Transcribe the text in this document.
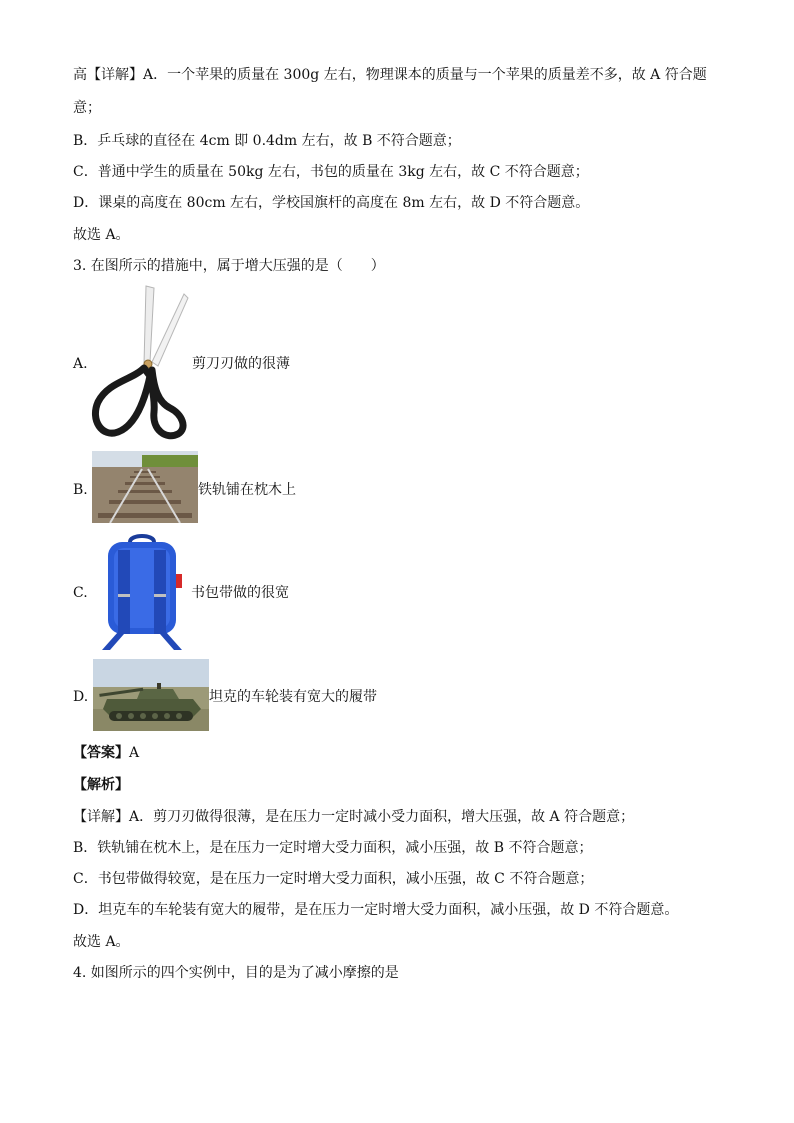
高【详解】A．一个苹果的质量在 300g 左右，物理课本的质量与一个苹果的质量差不多，故 A 符合题
意；
B．乒乓球的直径在 4cm 即 0.4dm 左右，故 B 不符合题意；
C．普通中学生的质量在 50kg 左右，书包的质量在 3kg 左右，故 C 不符合题意；
D．课桌的高度在 80cm 左右，学校国旗杆的高度在 8m 左右，故 D 不符合题意。
故选 A。
3. 在图所示的措施中，属于增大压强的是（　　）
A.	剪刀刃做的很薄
B.	铁轨铺在枕木上
C.	书包带做的很宽
D.	坦克的车轮装有宽大的履带
【答案】A
【解析】
【详解】A．剪刀刃做得很薄，是在压力一定时减小受力面积，增大压强，故 A 符合题意；
B．铁轨铺在枕木上，是在压力一定时增大受力面积，减小压强，故 B 不符合题意；
C．书包带做得较宽，是在压力一定时增大受力面积，减小压强，故 C 不符合题意；
D．坦克车的车轮装有宽大的履带，是在压力一定时增大受力面积，减小压强，故 D 不符合题意。
故选 A。
4. 如图所示的四个实例中，目的是为了减小摩擦的是
